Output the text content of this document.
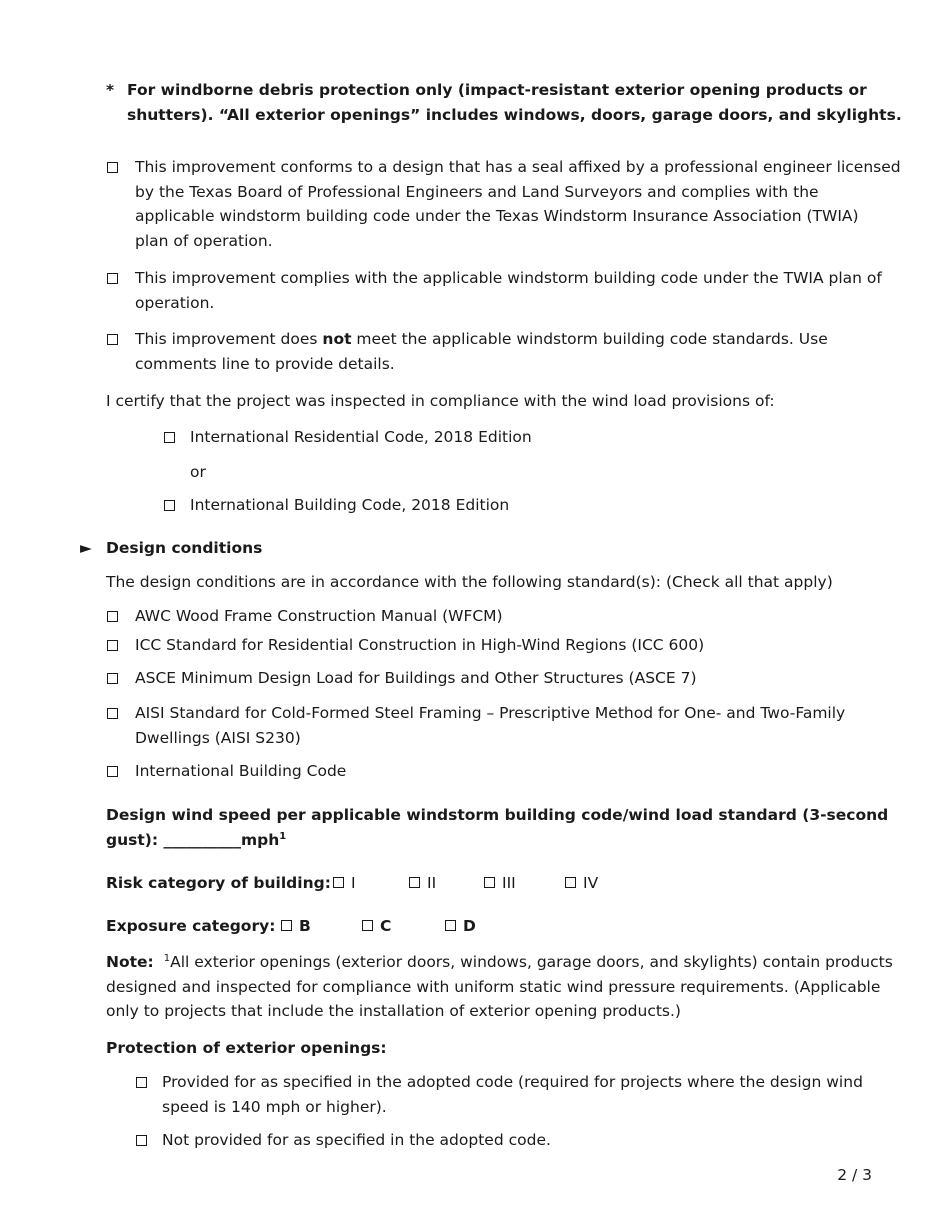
* For windborne debris protection only (impact-resistant exterior opening products or
shutters). “All exterior openings” includes windows, doors, garage doors, and skylights.
This improvement conforms to a design that has a seal affixed by a professional engineer licensed
by the Texas Board of Professional Engineers and Land Surveyors and complies with the
applicable windstorm building code under the Texas Windstorm Insurance Association (TWIA)
plan of operation.
This improvement complies with the applicable windstorm building code under the TWIA plan of
operation.
This improvement does not meet the applicable windstorm building code standards. Use
comments line to provide details.
I certify that the project was inspected in compliance with the wind load provisions of:
International Residential Code, 2018 Edition
or
International Building Code, 2018 Edition
► Design conditions
The design conditions are in accordance with the following standard(s): (Check all that apply)
AWC Wood Frame Construction Manual (WFCM)
ICC Standard for Residential Construction in High-Wind Regions (ICC 600)
ASCE Minimum Design Load for Buildings and Other Structures (ASCE 7)
AISI Standard for Cold-Formed Steel Framing – Prescriptive Method for One- and Two-Family
Dwellings (AISI S230)
International Building Code
Design wind speed per applicable windstorm building code/wind load standard (3-second
gust): __________mph$^1$
Risk category of building:	I	II	III	IV
Exposure category:	B	C	D
Note: $^1$All exterior openings (exterior doors, windows, garage doors, and skylights) contain products
designed and inspected for compliance with uniform static wind pressure requirements. (Applicable
only to projects that include the installation of exterior opening products.)
Protection of exterior openings:
Provided for as specified in the adopted code (required for projects where the design wind
speed is 140 mph or higher).
Not provided for as specified in the adopted code.
2 / 3
